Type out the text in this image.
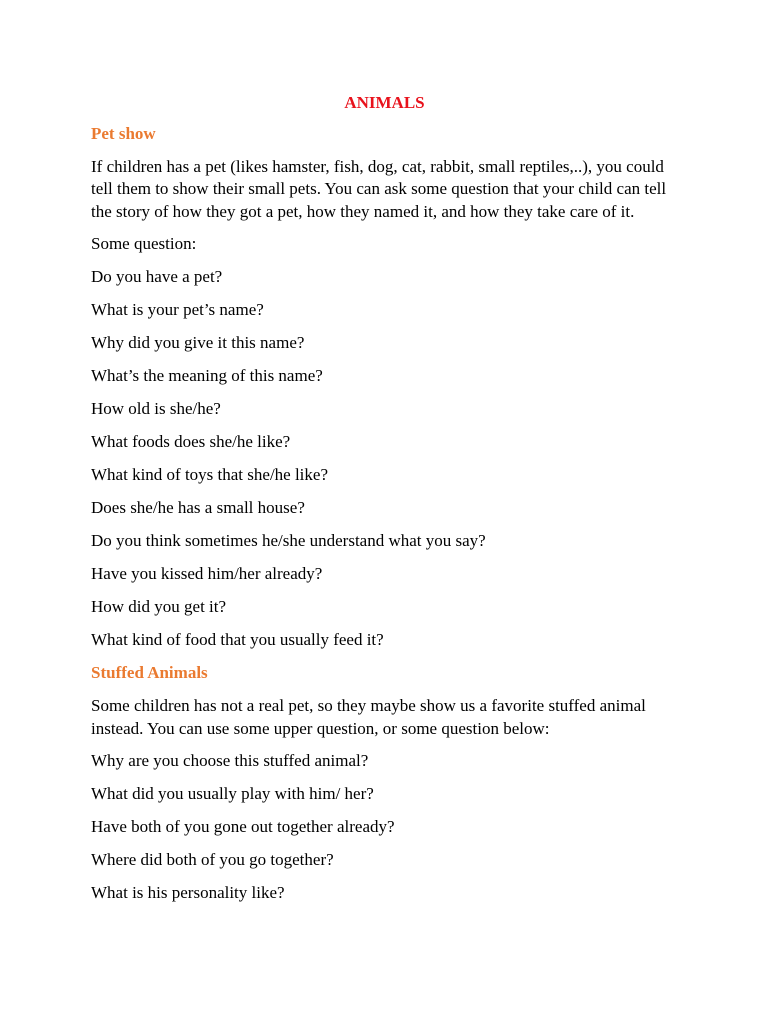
ANIMALS
Pet show

If children has a pet (likes hamster, fish, dog, cat, rabbit, small reptiles,..), you could tell them to show their small pets. You can ask some question that your child can tell the story of how they got a pet, how they named it, and how they take care of it.

Some question:

Do you have a pet?

What is your pet’s name?

Why did you give it this name?

What’s the meaning of this name?

How old is she/he?

What foods does she/he like?

What kind of toys that she/he like?

Does she/he has a small house?

Do you think sometimes he/she understand what you say?

Have you kissed him/her already?

How did you get it?

What kind of food that you usually feed it?

Stuffed Animals

Some children has not a real pet, so they maybe show us a favorite stuffed animal instead. You can use some upper question, or some question below:

Why are you choose this stuffed animal?

What did you usually play with him/ her?

Have both of you gone out together already?

Where did both of you go together?

What is his personality like?
